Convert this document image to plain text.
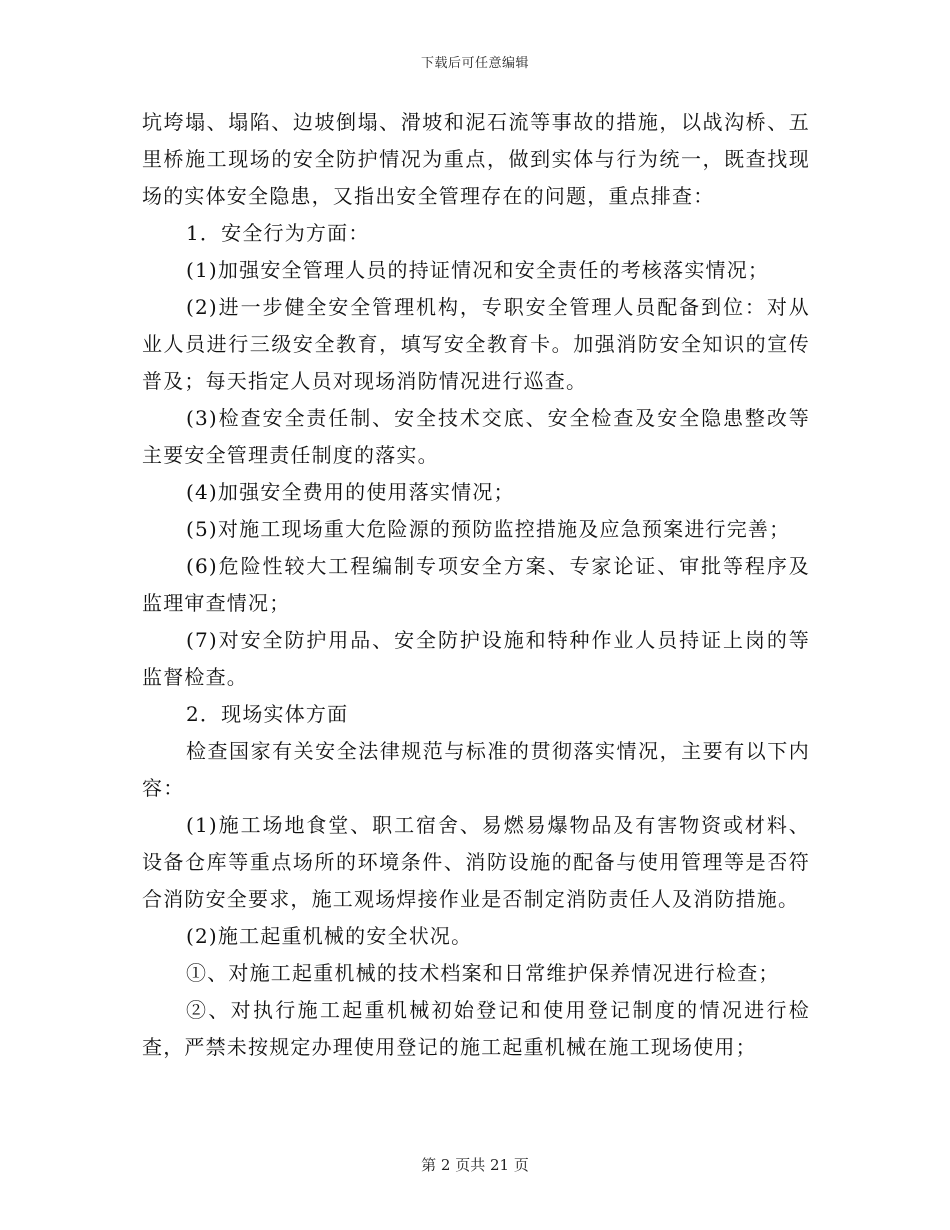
下载后可任意编辑

坑垮塌、塌陷、边坡倒塌、滑坡和泥石流等事故的措施，以战沟桥、五里桥施工现场的安全防护情况为重点，做到实体与行为统一，既查找现场的实体安全隐患，又指出安全管理存在的问题，重点排查：

1．安全行为方面：

(1)加强安全管理人员的持证情况和安全责任的考核落实情况；

(2)进一步健全安全管理机构，专职安全管理人员配备到位：对从业人员进行三级安全教育，填写安全教育卡。加强消防安全知识的宣传普及；每天指定人员对现场消防情况进行巡查。

(3)检查安全责任制、安全技术交底、安全检查及安全隐患整改等主要安全管理责任制度的落实。

(4)加强安全费用的使用落实情况；

(5)对施工现场重大危险源的预防监控措施及应急预案进行完善；

(6)危险性较大工程编制专项安全方案、专家论证、审批等程序及监理审查情况；

(7)对安全防护用品、安全防护设施和特种作业人员持证上岗的等监督检查。

2．现场实体方面

检查国家有关安全法律规范与标准的贯彻落实情况，主要有以下内容：

(1)施工场地食堂、职工宿舍、易燃易爆物品及有害物资或材料、设备仓库等重点场所的环境条件、消防设施的配备与使用管理等是否符合消防安全要求，施工观场焊接作业是否制定消防责任人及消防措施。

(2)施工起重机械的安全状况。

①、对施工起重机械的技术档案和日常维护保养情况进行检查；

②、对执行施工起重机械初始登记和使用登记制度的情况进行检查，严禁未按规定办理使用登记的施工起重机械在施工现场使用；

第 2 页共 21 页
